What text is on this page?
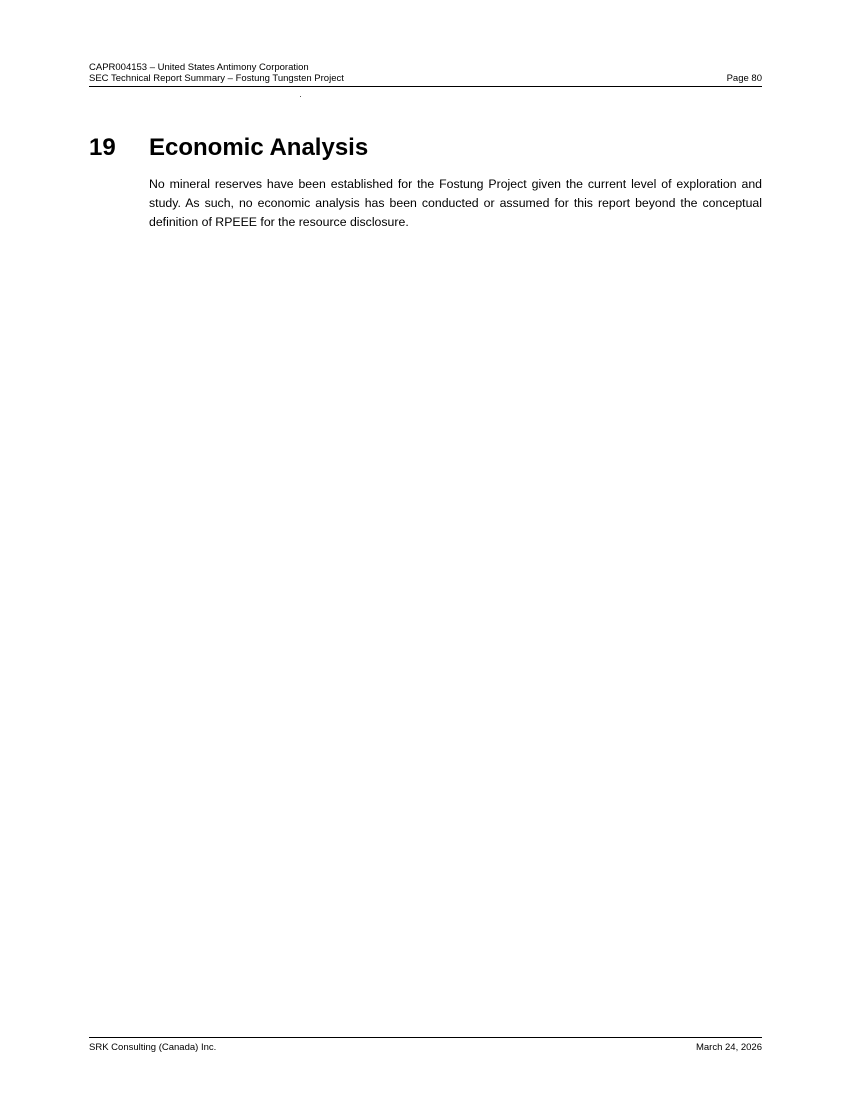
CAPR004153 – United States Antimony Corporation
SEC Technical Report Summary – Fostung Tungsten Project	Page 80
19	Economic Analysis

No mineral reserves have been established for the Fostung Project given the current level of exploration and study. As such, no economic analysis has been conducted or assumed for this report beyond the conceptual definition of RPEEE for the resource disclosure.

SRK Consulting (Canada) Inc.	March 24, 2026
